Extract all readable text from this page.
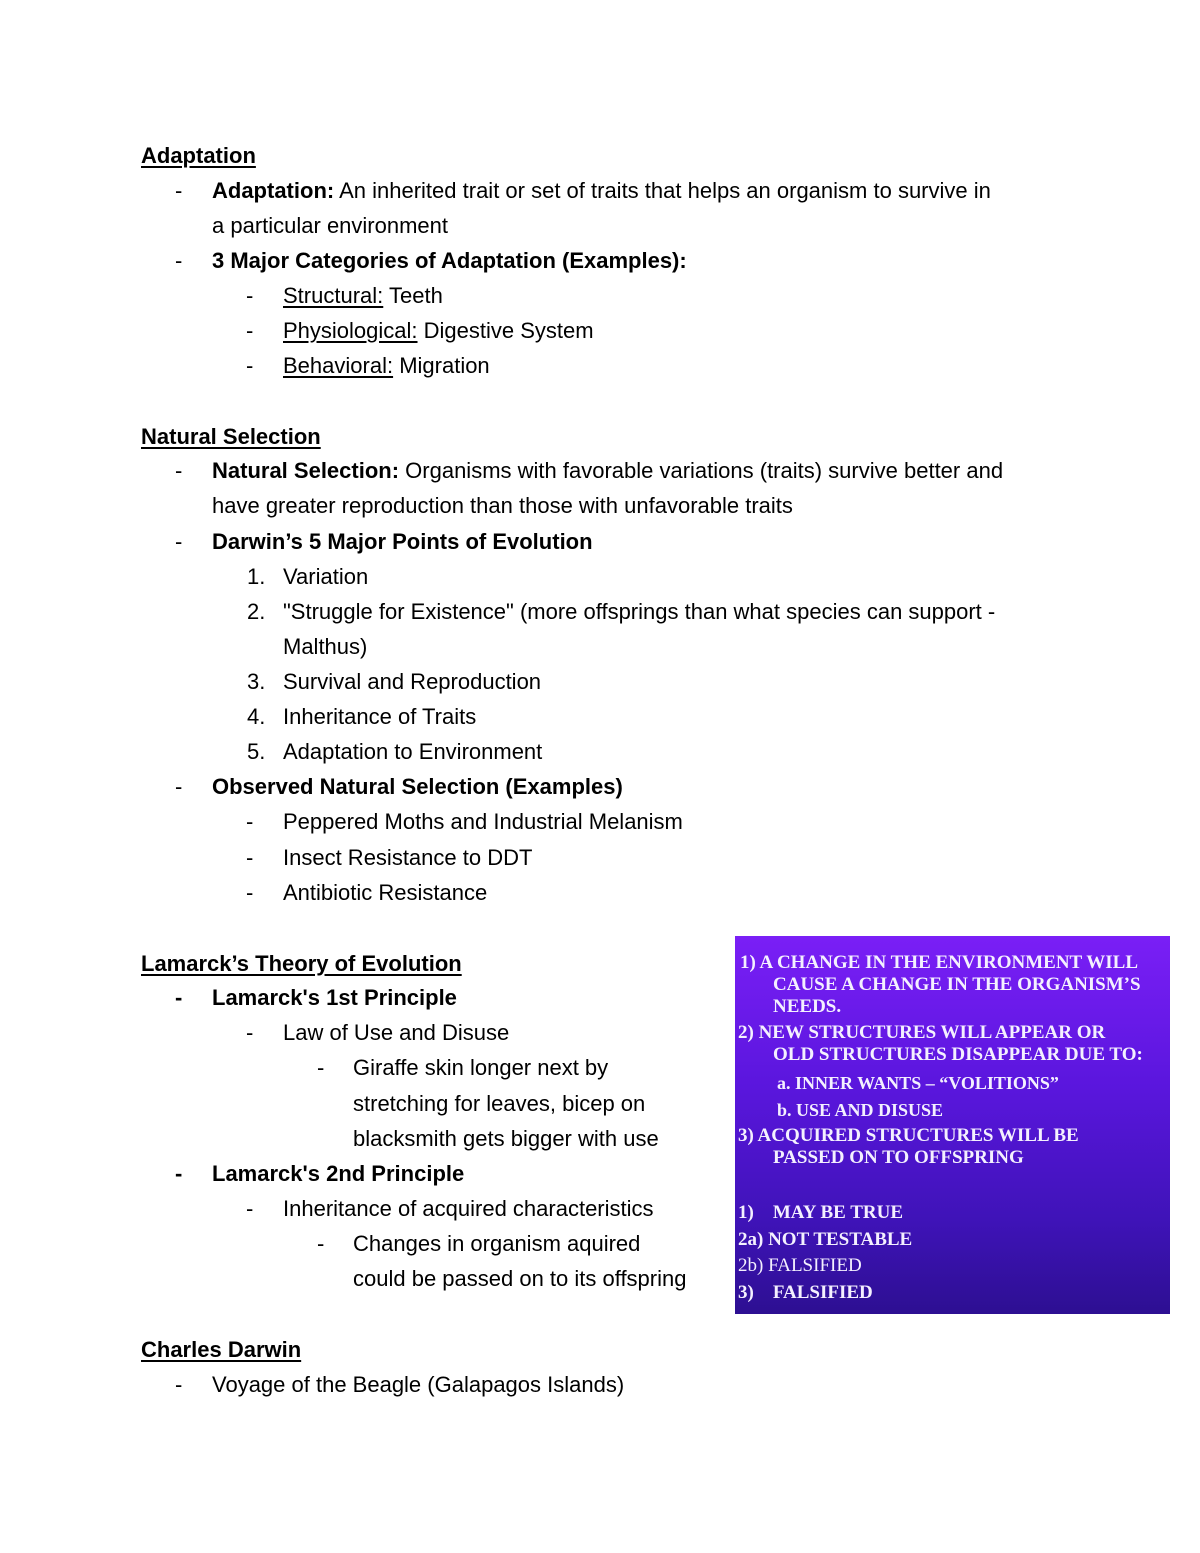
Adaptation
- Adaptation: An inherited trait or set of traits that helps an organism to survive in
a particular environment
- 3 Major Categories of Adaptation (Examples):
- Structural: Teeth
- Physiological: Digestive System
- Behavioral: Migration
Natural Selection
- Natural Selection: Organisms with favorable variations (traits) survive better and
have greater reproduction than those with unfavorable traits
- Darwin’s 5 Major Points of Evolution
1. Variation
2. "Struggle for Existence" (more offsprings than what species can support -
Malthus)
3. Survival and Reproduction
4. Inheritance of Traits
5. Adaptation to Environment
- Observed Natural Selection (Examples)
- Peppered Moths and Industrial Melanism
- Insect Resistance to DDT
- Antibiotic Resistance
Lamarck’s Theory of Evolution
- Lamarck's 1st Principle
- Law of Use and Disuse
- Giraffe skin longer next by
stretching for leaves, bicep on
blacksmith gets bigger with use
- Lamarck's 2nd Principle
- Inheritance of acquired characteristics
- Changes in organism aquired
could be passed on to its offspring
1) A CHANGE IN THE ENVIRONMENT WILL
CAUSE A CHANGE IN THE ORGANISM’S
NEEDS.
2) NEW STRUCTURES WILL APPEAR OR
OLD STRUCTURES DISAPPEAR DUE TO:
a. INNER WANTS – “VOLITIONS”
b. USE AND DISUSE
3) ACQUIRED STRUCTURES WILL BE
PASSED ON TO OFFSPRING
1)    MAY BE TRUE
2a) NOT TESTABLE
2b) FALSIFIED
3)    FALSIFIED
Charles Darwin
- Voyage of the Beagle (Galapagos Islands)
